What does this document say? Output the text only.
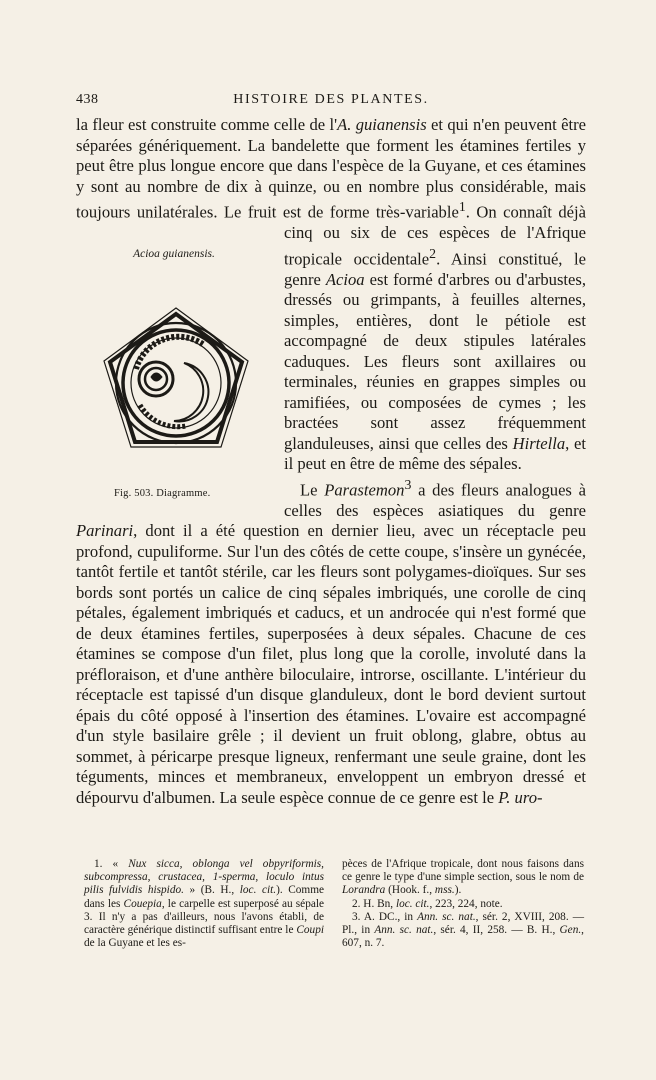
438	HISTOIRE DES PLANTES.

la fleur est construite comme celle de l'A. guianensis et qui n'en peuvent être séparées génériquement. La bandelette que forment les étamines fertiles y peut être plus longue encore que dans l'espèce de la Guyane, et ces étamines y sont au nombre de dix à quinze, ou en nombre plus considérable, mais toujours unilatérales. Le fruit est de forme très-variable
Acioa guianensis.
Fig. 503. Diagramme.
$^1$. On connaît déjà cinq ou six de ces espèces de l'Afrique tropicale occidentale$^2$. Ainsi constitué, le genre Acioa est formé d'arbres ou d'arbustes, dressés ou grimpants, à feuilles alternes, simples, entières, dont le pétiole est accompagné de deux stipules latérales caduques. Les fleurs sont axillaires ou terminales, réunies en grappes simples ou ramifiées, ou composées de cymes ; les bractées sont assez fréquemment glanduleuses, ainsi que celles des Hirtella, et il peut en être de même des sépales.

Le Parastemon$^3$ a des fleurs analogues à celles des espèces asiatiques du genre Parinari, dont il a été question en dernier lieu, avec un réceptacle peu profond, cupuliforme. Sur l'un des côtés de cette coupe, s'insère un gynécée, tantôt fertile et tantôt stérile, car les fleurs sont polygames-dioïques. Sur ses bords sont portés un calice de cinq sépales imbriqués, une corolle de cinq pétales, également imbriqués et caducs, et un androcée qui n'est formé que de deux étamines fertiles, superposées à deux sépales. Chacune de ces étamines se compose d'un filet, plus long que la corolle, involuté dans la préfloraison, et d'une anthère biloculaire, introrse, oscillante. L'intérieur du réceptacle est tapissé d'un disque glanduleux, dont le bord devient surtout épais du côté opposé à l'insertion des étamines. L'ovaire est accompagné d'un style basilaire grêle ; il devient un fruit oblong, glabre, obtus au sommet, à péricarpe presque ligneux, renfermant une seule graine, dont les téguments, minces et membraneux, enveloppent un embryon dressé et dépourvu d'albumen. La seule espèce connue de ce genre est le P. uro-

1. « Nux sicca, oblonga vel obpyriformis, subcompressa, crustacea, 1-sperma, loculo intus pilis fulvidis hispido. » (B. H., loc. cit.). Comme dans les Couepia, le carpelle est superposé au sépale 3. Il n'y a pas d'ailleurs, nous l'avons établi, de caractère générique distinctif suffisant entre le Coupi de la Guyane et les es-

pèces de l'Afrique tropicale, dont nous faisons dans ce genre le type d'une simple section, sous le nom de Lorandra (Hook. f., mss.).

2. H. Bn, loc. cit., 223, 224, note.

3. A. DC., in Ann. sc. nat., sér. 2, XVIII, 208. — Pl., in Ann. sc. nat., sér. 4, II, 258. — B. H., Gen., 607, n. 7.
